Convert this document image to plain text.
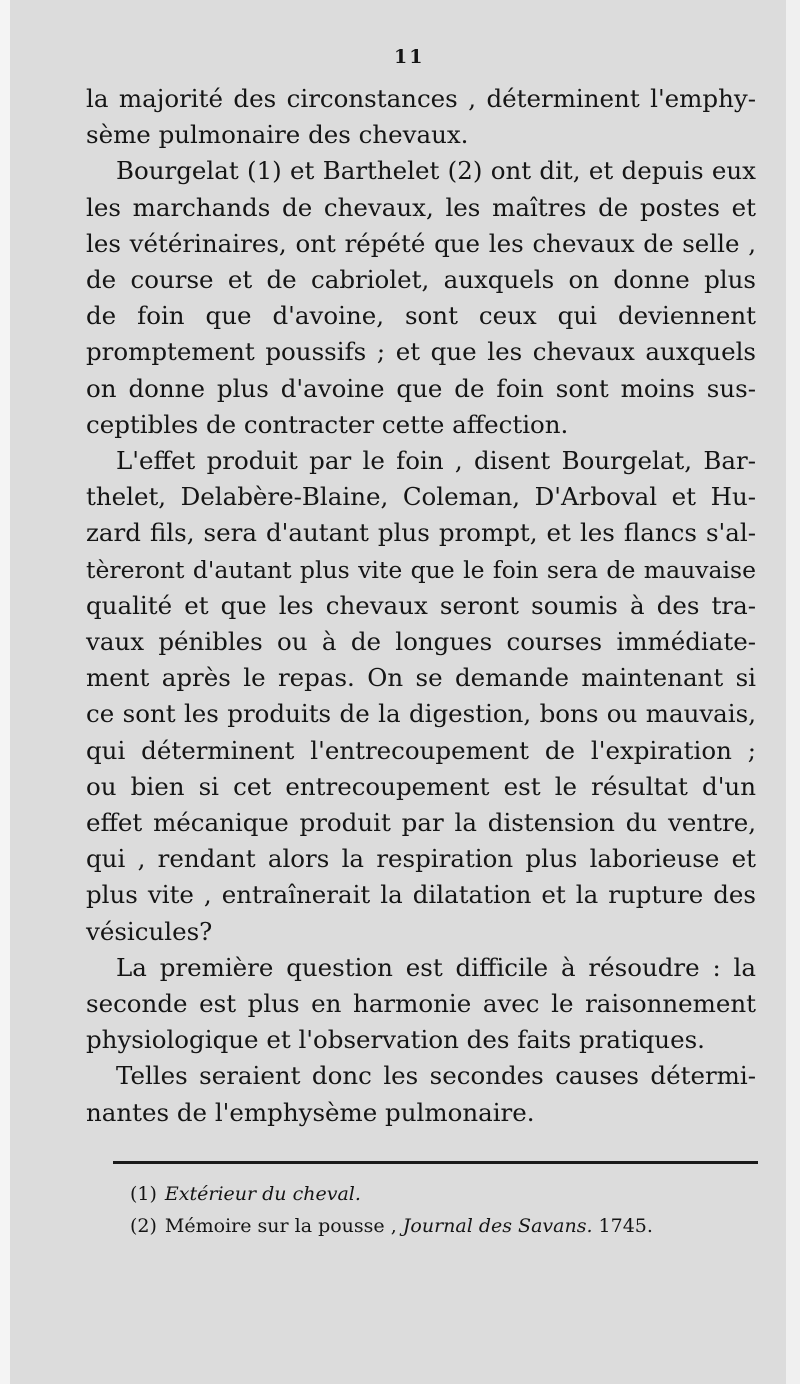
11
la majorité des circonstances , déterminent l'emphy-
sème pulmonaire des chevaux.
Bourgelat (1) et Barthelet (2) ont dit, et depuis eux
les marchands de chevaux, les maîtres de postes et
les vétérinaires, ont répété que les chevaux de selle ,
de course et de cabriolet, auxquels on donne plus
de foin que d'avoine, sont ceux qui deviennent
promptement poussifs ; et que les chevaux auxquels
on donne plus d'avoine que de foin sont moins sus-
ceptibles de contracter cette affection.
L'effet produit par le foin , disent Bourgelat, Bar-
thelet, Delabère-Blaine, Coleman, D'Arboval et Hu-
zard fils, sera d'autant plus prompt, et les flancs s'al-
tèreront d'autant plus vite que le foin sera de mauvaise
qualité et que les chevaux seront soumis à des tra-
vaux pénibles ou à de longues courses immédiate-
ment après le repas. On se demande maintenant si
ce sont les produits de la digestion, bons ou mauvais,
qui déterminent l'entrecoupement de l'expiration ;
ou bien si cet entrecoupement est le résultat d'un
effet mécanique produit par la distension du ventre,
qui , rendant alors la respiration plus laborieuse et
plus vite , entraînerait la dilatation et la rupture des
vésicules?
La première question est difficile à résoudre : la
seconde est plus en harmonie avec le raisonnement
physiologique et l'observation des faits pratiques.
Telles seraient donc les secondes causes détermi-
nantes de l'emphysème pulmonaire.
(1) Extérieur du cheval.
(2) Mémoire sur la pousse , Journal des Savans. 1745.
